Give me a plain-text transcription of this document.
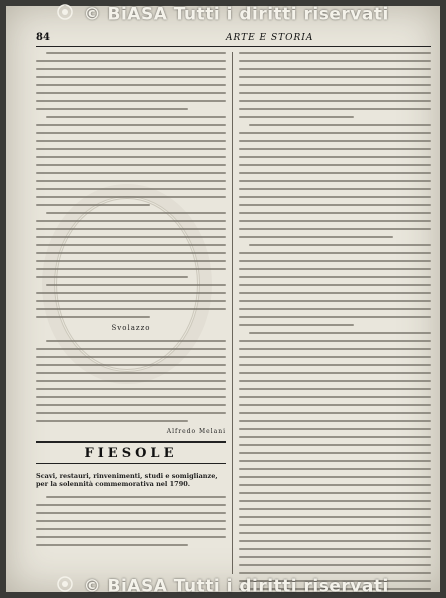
© BiASA Tutti i diritti riservati
84	ARTE E STORIA
Svolazzo
Alfredo Melani
FIESOLE
Scavi, restauri, rinvenimenti, studi e somiglianze, per la solennità commemorativa nel 1790.
© BiASA Tutti i diritti riservati
